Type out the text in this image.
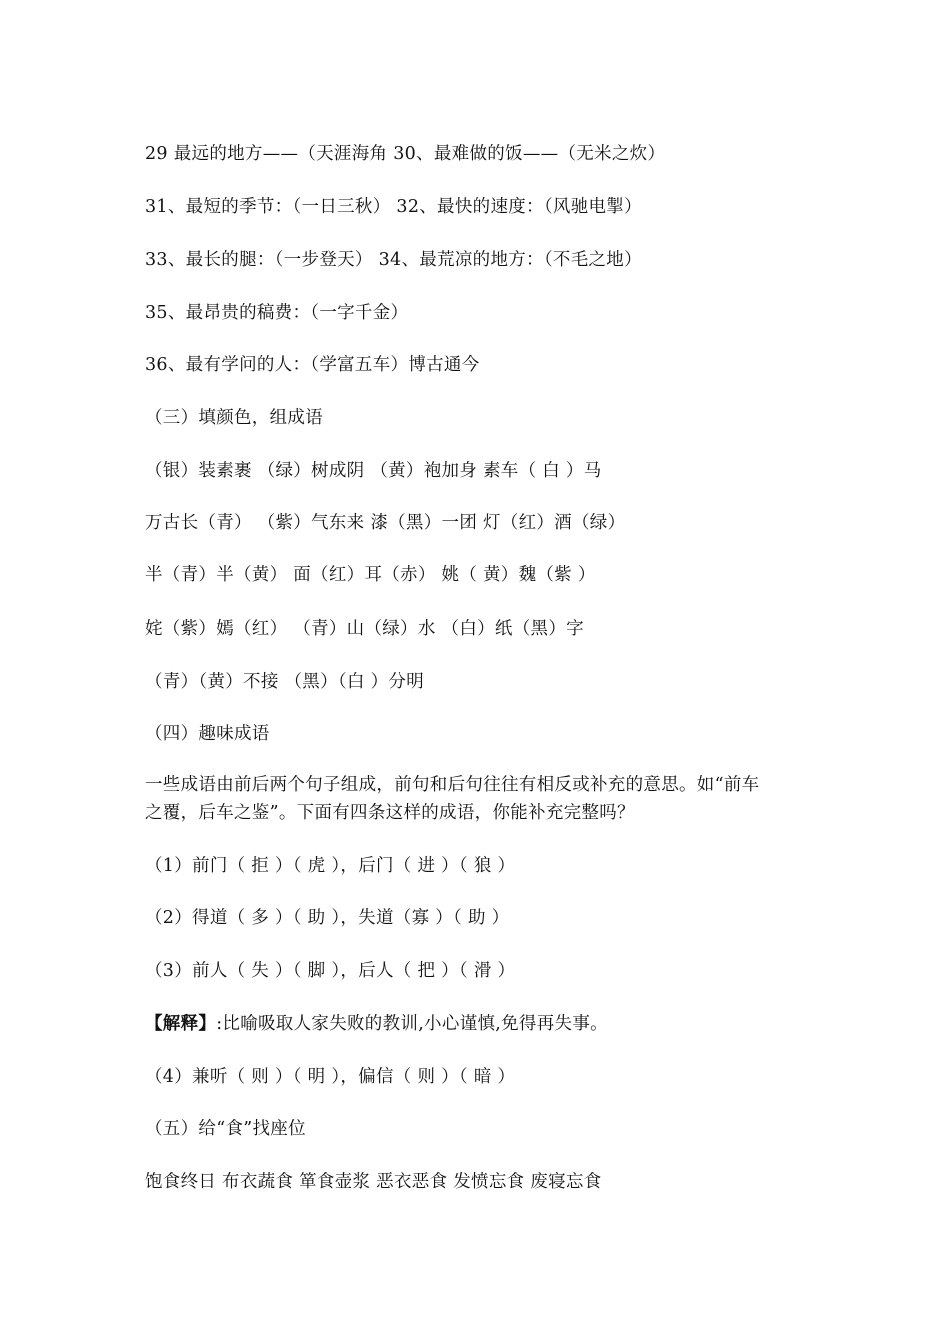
29 最远的地方——（天涯海角 30、最难做的饭——（无米之炊）
31、最短的季节：（一日三秋） 32、最快的速度：（风驰电掣）
33、最长的腿：（一步登天） 34、最荒凉的地方：（不毛之地）
35、最昂贵的稿费：（一字千金）
36、最有学问的人：（学富五车）博古通今
（三）填颜色，组成语
（银）装素裹 （绿）树成阴 （黄）袍加身 素车（ 白 ）马
万古长（青） （紫）气东来 漆（黑）一团 灯（红）酒（绿）
半（青）半（黄） 面（红）耳（赤） 姚（ 黄）魏（紫 ）
姹（紫）嫣（红） （青）山（绿）水 （白）纸（黑）字
（青）（黄）不接 （黑）（白 ）分明
（四）趣味成语
一些成语由前后两个句子组成，前句和后句往往有相反或补充的意思。如“前车
之覆，后车之鉴”。下面有四条这样的成语，你能补充完整吗？
（1）前门（ 拒 ）（ 虎 ），后门（ 进 ）（ 狼 ）
（2）得道（ 多 ）（ 助 ），失道（寡 ）（ 助 ）
（3）前人（ 失 ）（ 脚 ），后人（ 把 ）（ 滑 ）
【解释】:比喻吸取人家失败的教训,小心谨慎,免得再失事。
（4）兼听（ 则 ）（ 明 ），偏信（ 则 ）（ 暗 ）
（五）给“食”找座位
饱食终日 布衣蔬食 箪食壶浆 恶衣恶食 发愤忘食 废寝忘食
